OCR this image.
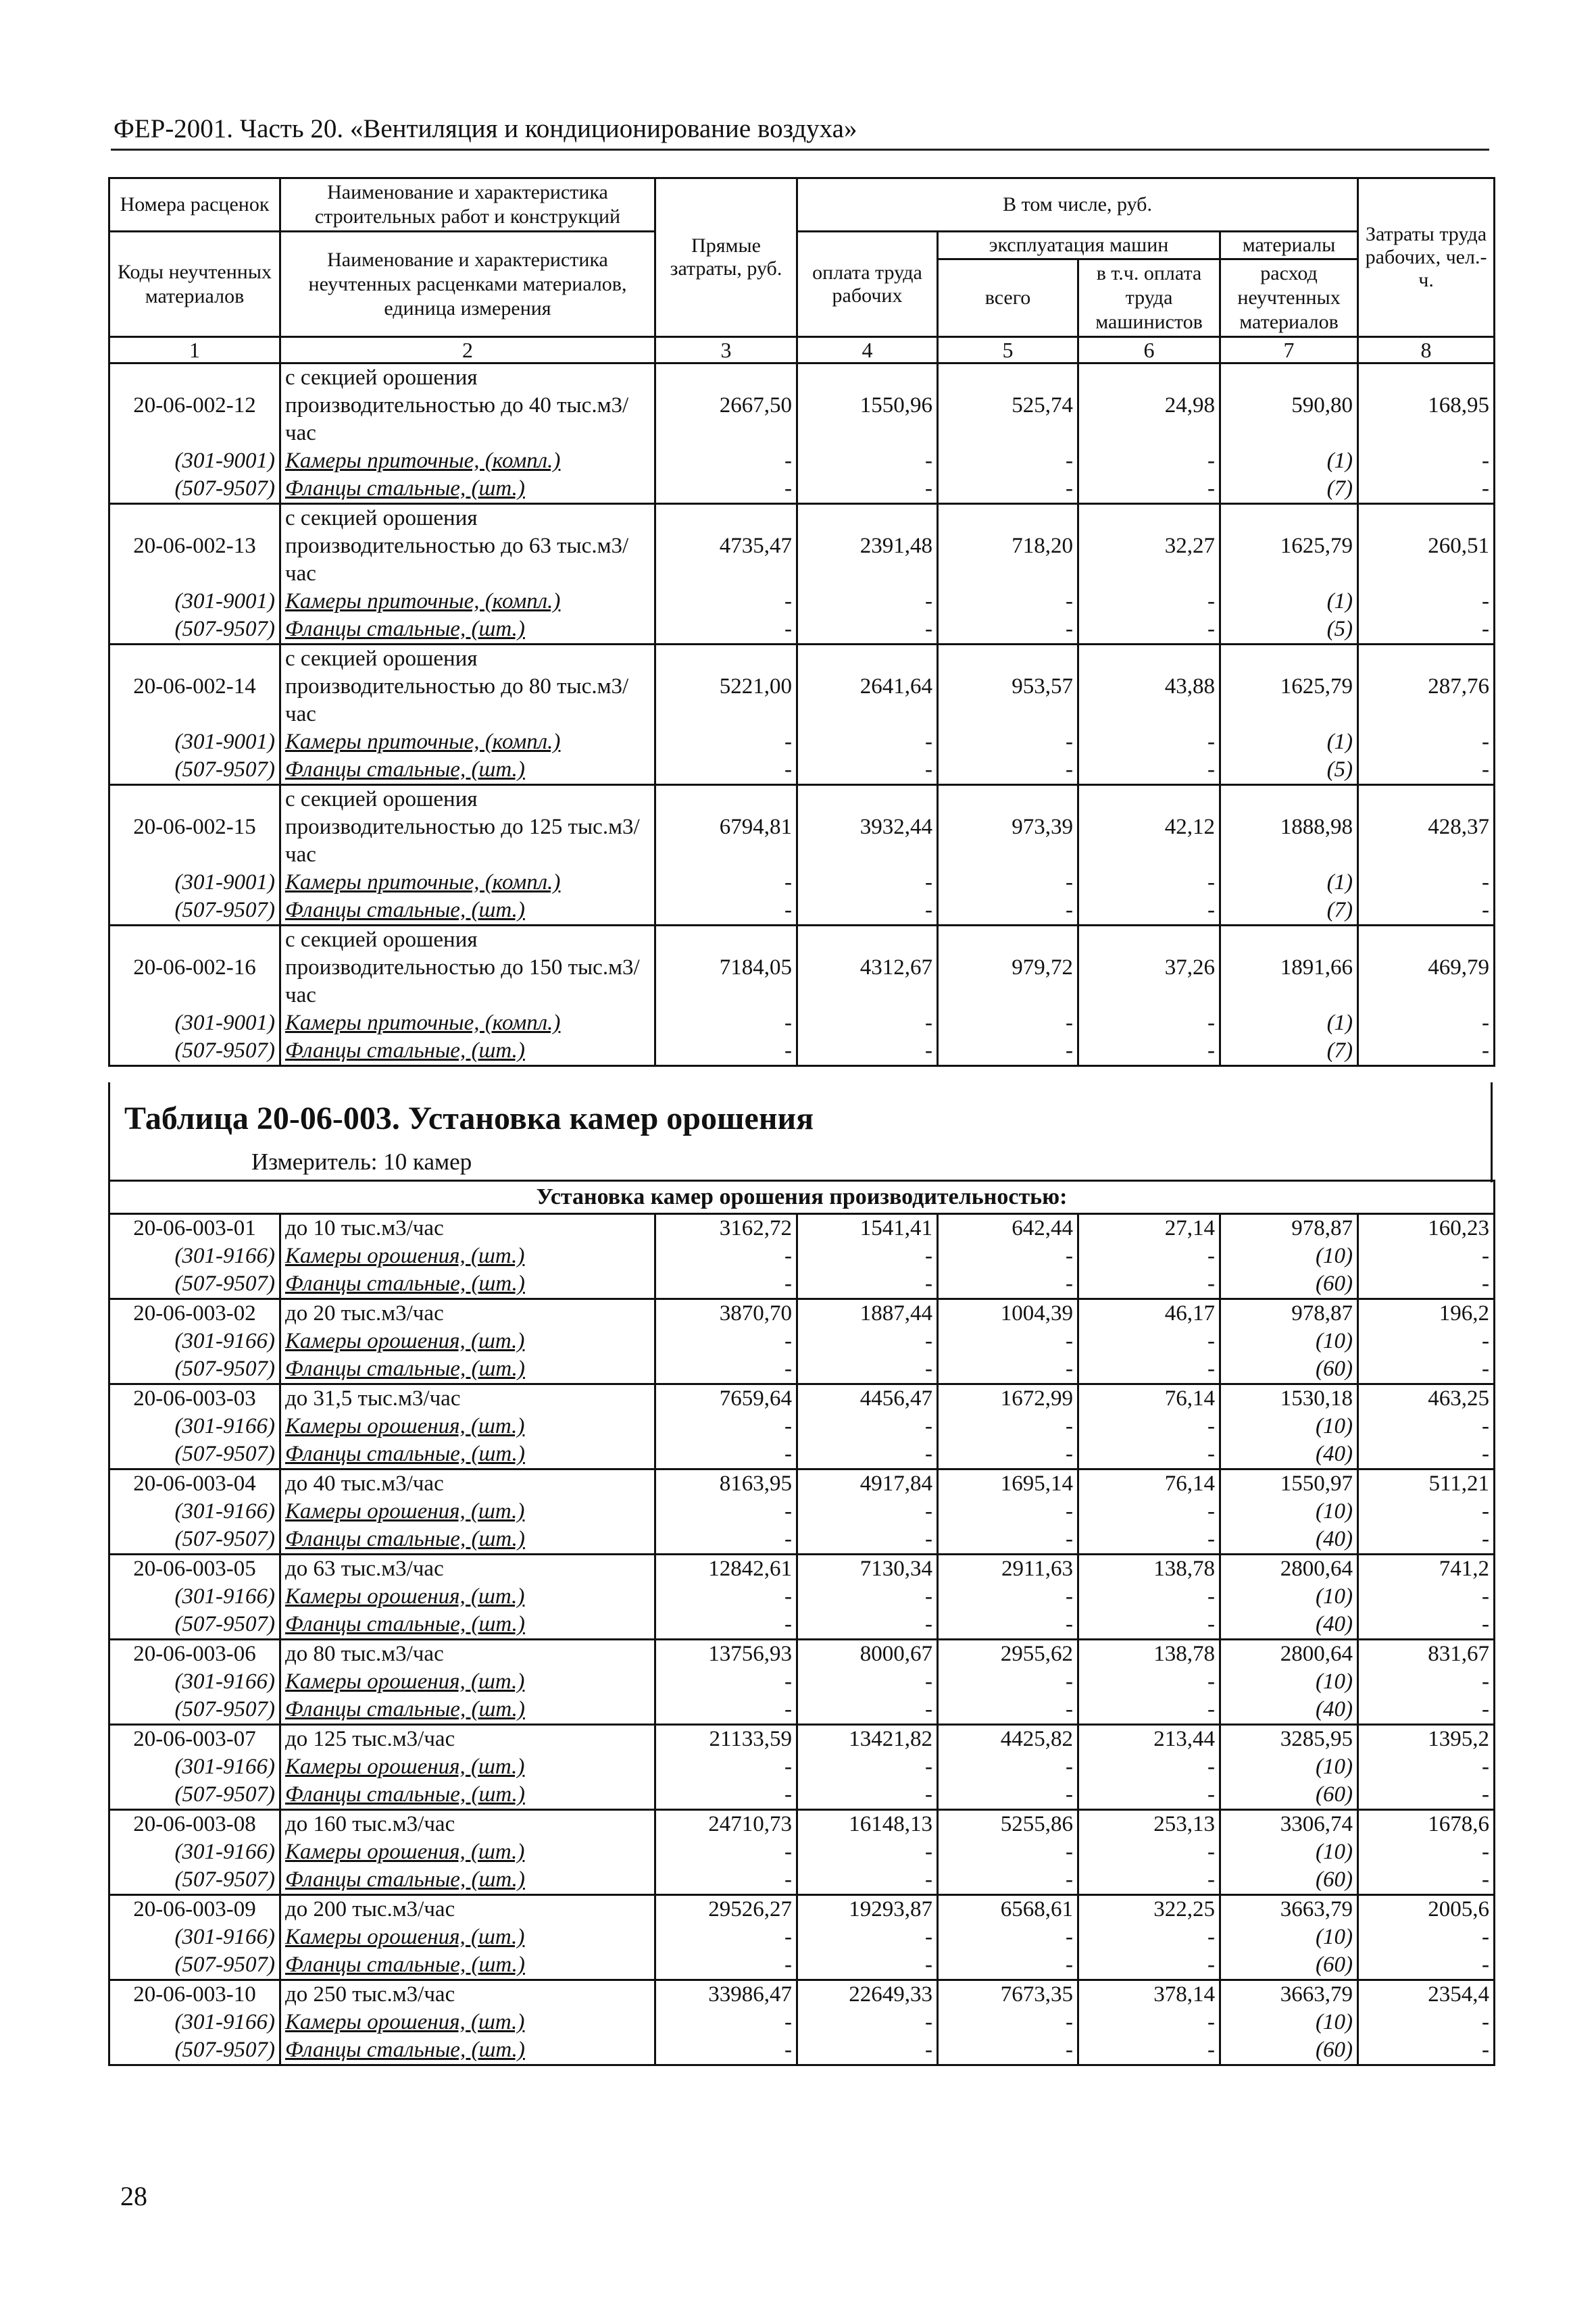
ФЕР-2001. Часть 20. «Вентиляция и кондиционирование воздуха»
Номера расценок	Наименование и характеристика строительных работ и конструкций	Прямые затраты, руб.	В том числе, руб.				Затраты труда рабочих, чел.-ч.
Коды неучтенных материалов	Наименование и характеристика неучтенных расценками материалов, единица измерения		оплата труда рабочих	эксплуатация машин		материалы	
				всего	в т.ч. оплата труда машинистов	расход неучтенных материалов	
1	2	3	4	5	6	7	8
20-06-002-12	с секцией орошения производительностью до 40 тыс.м3/час	2667,50	1550,96	525,74	24,98	590,80	168,95
(301-9001)	Камеры приточные, (компл.)	-	-	-	-	(1)	-
(507-9507)	Фланцы стальные, (шт.)	-	-	-	-	(7)	-
20-06-002-13	с секцией орошения производительностью до 63 тыс.м3/час	4735,47	2391,48	718,20	32,27	1625,79	260,51
(301-9001)	Камеры приточные, (компл.)	-	-	-	-	(1)	-
(507-9507)	Фланцы стальные, (шт.)	-	-	-	-	(5)	-
20-06-002-14	с секцией орошения производительностью до 80 тыс.м3/час	5221,00	2641,64	953,57	43,88	1625,79	287,76
(301-9001)	Камеры приточные, (компл.)	-	-	-	-	(1)	-
(507-9507)	Фланцы стальные, (шт.)	-	-	-	-	(5)	-
20-06-002-15	с секцией орошения производительностью до 125 тыс.м3/час	6794,81	3932,44	973,39	42,12	1888,98	428,37
(301-9001)	Камеры приточные, (компл.)	-	-	-	-	(1)	-
(507-9507)	Фланцы стальные, (шт.)	-	-	-	-	(7)	-
20-06-002-16	с секцией орошения производительностью до 150 тыс.м3/час	7184,05	4312,67	979,72	37,26	1891,66	469,79
(301-9001)	Камеры приточные, (компл.)	-	-	-	-	(1)	-
(507-9507)	Фланцы стальные, (шт.)	-	-	-	-	(7)	-
Таблица 20-06-003. Установка камер орошения
Измеритель: 10 камер
Установка камер орошения производительностью:							
20-06-003-01	до 10 тыс.м3/час	3162,72	1541,41	642,44	27,14	978,87	160,23
(301-9166)	Камеры орошения, (шт.)	-	-	-	-	(10)	-
(507-9507)	Фланцы стальные, (шт.)	-	-	-	-	(60)	-
20-06-003-02	до 20 тыс.м3/час	3870,70	1887,44	1004,39	46,17	978,87	196,2
(301-9166)	Камеры орошения, (шт.)	-	-	-	-	(10)	-
(507-9507)	Фланцы стальные, (шт.)	-	-	-	-	(60)	-
20-06-003-03	до 31,5 тыс.м3/час	7659,64	4456,47	1672,99	76,14	1530,18	463,25
(301-9166)	Камеры орошения, (шт.)	-	-	-	-	(10)	-
(507-9507)	Фланцы стальные, (шт.)	-	-	-	-	(40)	-
20-06-003-04	до 40 тыс.м3/час	8163,95	4917,84	1695,14	76,14	1550,97	511,21
(301-9166)	Камеры орошения, (шт.)	-	-	-	-	(10)	-
(507-9507)	Фланцы стальные, (шт.)	-	-	-	-	(40)	-
20-06-003-05	до 63 тыс.м3/час	12842,61	7130,34	2911,63	138,78	2800,64	741,2
(301-9166)	Камеры орошения, (шт.)	-	-	-	-	(10)	-
(507-9507)	Фланцы стальные, (шт.)	-	-	-	-	(40)	-
20-06-003-06	до 80 тыс.м3/час	13756,93	8000,67	2955,62	138,78	2800,64	831,67
(301-9166)	Камеры орошения, (шт.)	-	-	-	-	(10)	-
(507-9507)	Фланцы стальные, (шт.)	-	-	-	-	(40)	-
20-06-003-07	до 125 тыс.м3/час	21133,59	13421,82	4425,82	213,44	3285,95	1395,2
(301-9166)	Камеры орошения, (шт.)	-	-	-	-	(10)	-
(507-9507)	Фланцы стальные, (шт.)	-	-	-	-	(60)	-
20-06-003-08	до 160 тыс.м3/час	24710,73	16148,13	5255,86	253,13	3306,74	1678,6
(301-9166)	Камеры орошения, (шт.)	-	-	-	-	(10)	-
(507-9507)	Фланцы стальные, (шт.)	-	-	-	-	(60)	-
20-06-003-09	до 200 тыс.м3/час	29526,27	19293,87	6568,61	322,25	3663,79	2005,6
(301-9166)	Камеры орошения, (шт.)	-	-	-	-	(10)	-
(507-9507)	Фланцы стальные, (шт.)	-	-	-	-	(60)	-
20-06-003-10	до 250 тыс.м3/час	33986,47	22649,33	7673,35	378,14	3663,79	2354,4
(301-9166)	Камеры орошения, (шт.)	-	-	-	-	(10)	-
(507-9507)	Фланцы стальные, (шт.)	-	-	-	-	(60)	-
28
